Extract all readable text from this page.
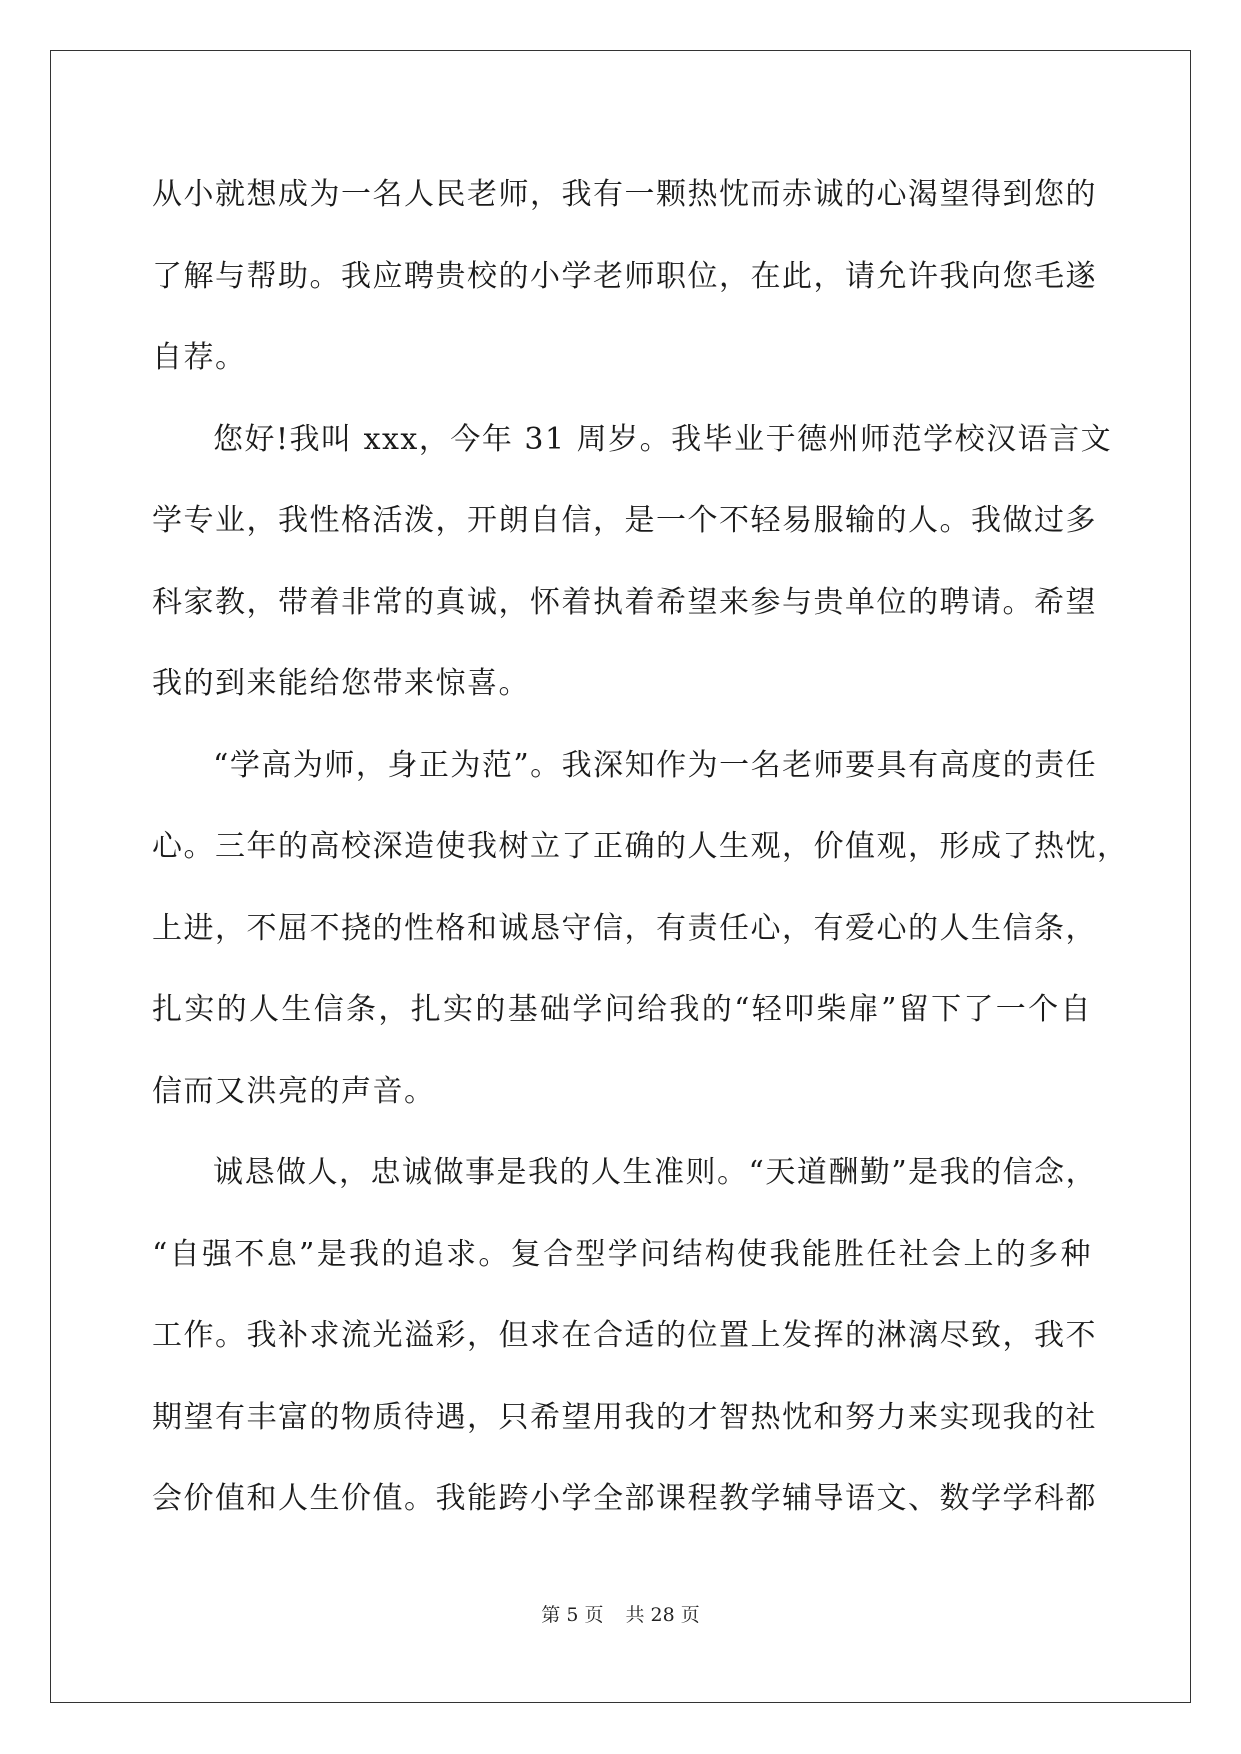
从小就想成为一名人民老师，我有一颗热忱而赤诚的心渴望得到您的
了解与帮助。我应聘贵校的小学老师职位，在此，请允许我向您毛遂
自荐。
您好!我叫 xxx，今年 31 周岁。我毕业于德州师范学校汉语言文
学专业，我性格活泼，开朗自信，是一个不轻易服输的人。我做过多
科家教，带着非常的真诚，怀着执着希望来参与贵单位的聘请。希望
我的到来能给您带来惊喜。
“学高为师，身正为范”。我深知作为一名老师要具有高度的责任
心。三年的高校深造使我树立了正确的人生观，价值观，形成了热忱，
上进，不屈不挠的性格和诚恳守信，有责任心，有爱心的人生信条，
扎实的人生信条，扎实的基础学问给我的“轻叩柴扉”留下了一个自
信而又洪亮的声音。
诚恳做人，忠诚做事是我的人生准则。“天道酬勤”是我的信念，
“自强不息”是我的追求。复合型学问结构使我能胜任社会上的多种
工作。我补求流光溢彩，但求在合适的位置上发挥的淋漓尽致，我不
期望有丰富的物质待遇，只希望用我的才智热忱和努力来实现我的社
会价值和人生价值。我能跨小学全部课程教学辅导语文、数学学科都
第 5 页 共 28 页
